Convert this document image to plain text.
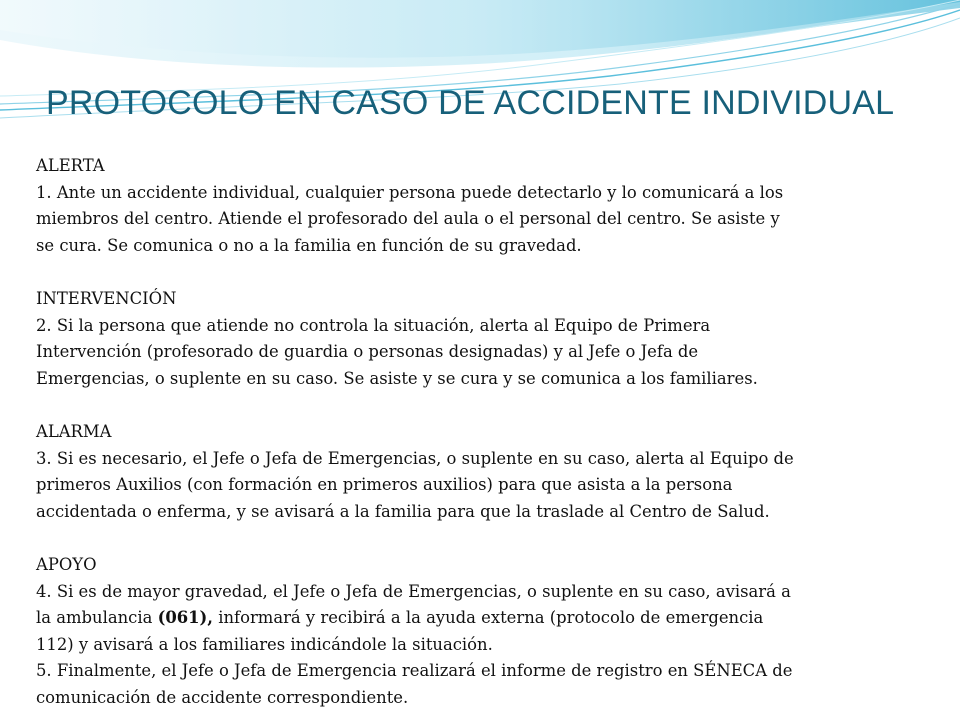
PROTOCOLO EN CASO DE ACCIDENTE INDIVIDUAL

ALERTA

1. Ante un accidente individual, cualquier persona puede detectarlo y lo comunicará a los

miembros del centro. Atiende el profesorado del aula o el personal del centro. Se asiste y

se cura. Se comunica o no a la familia en función de su gravedad.

INTERVENCIÓN

2. Si la persona que atiende no controla la situación, alerta al Equipo de Primera

Intervención (profesorado de guardia o personas designadas) y al Jefe o Jefa de

Emergencias, o suplente en su caso. Se asiste y se cura y se comunica a los familiares.

ALARMA

3. Si es necesario, el Jefe o Jefa de Emergencias, o suplente en su caso, alerta al Equipo de

primeros Auxilios (con formación en primeros auxilios) para que asista a la persona

accidentada o enferma, y se avisará a la familia para que la traslade al Centro de Salud.

APOYO

4. Si es de mayor gravedad, el Jefe o Jefa de Emergencias, o suplente en su caso, avisará a

la ambulancia (061), informará y recibirá a la ayuda externa (protocolo de emergencia

112) y avisará a los familiares indicándole la situación.

5. Finalmente, el Jefe o Jefa de Emergencia realizará el informe de registro en SÉNECA de

comunicación de accidente correspondiente.
